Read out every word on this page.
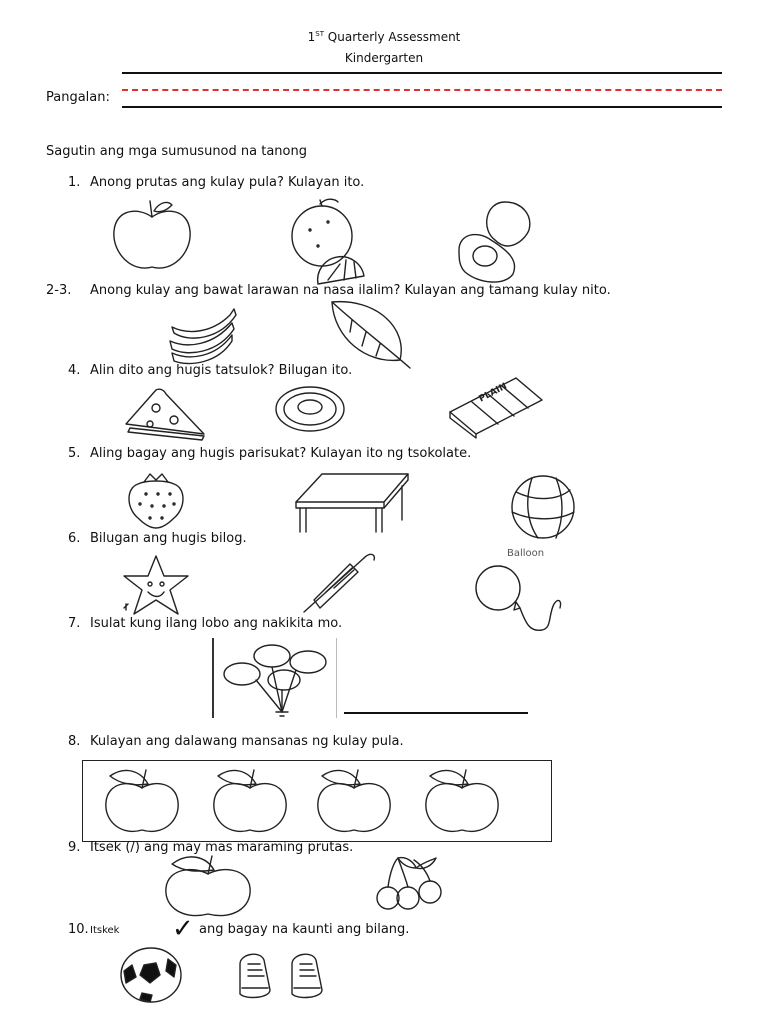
1ST Quarterly Assessment
Kindergarten
Pangalan:
Sagutin ang mga sumusunod na tanong
1. Anong prutas ang kulay pula? Kulayan ito.
2-3. Anong kulay ang bawat larawan na nasa ilalim? Kulayan ang tamang kulay nito.
4. Alin dito ang hugis tatsulok? Bilugan ito.
PLAIN
5. Aling bagay ang hugis parisukat? Kulayan ito ng tsokolate.
6. Bilugan ang hugis bilog.
Balloon
7. Isulat kung ilang lobo ang nakikita mo.
8. Kulayan ang dalawang mansanas ng kulay pula.
9. Itsek (/) ang may mas maraming prutas.
10. Itskek ✓ ang bagay na kaunti ang bilang.
